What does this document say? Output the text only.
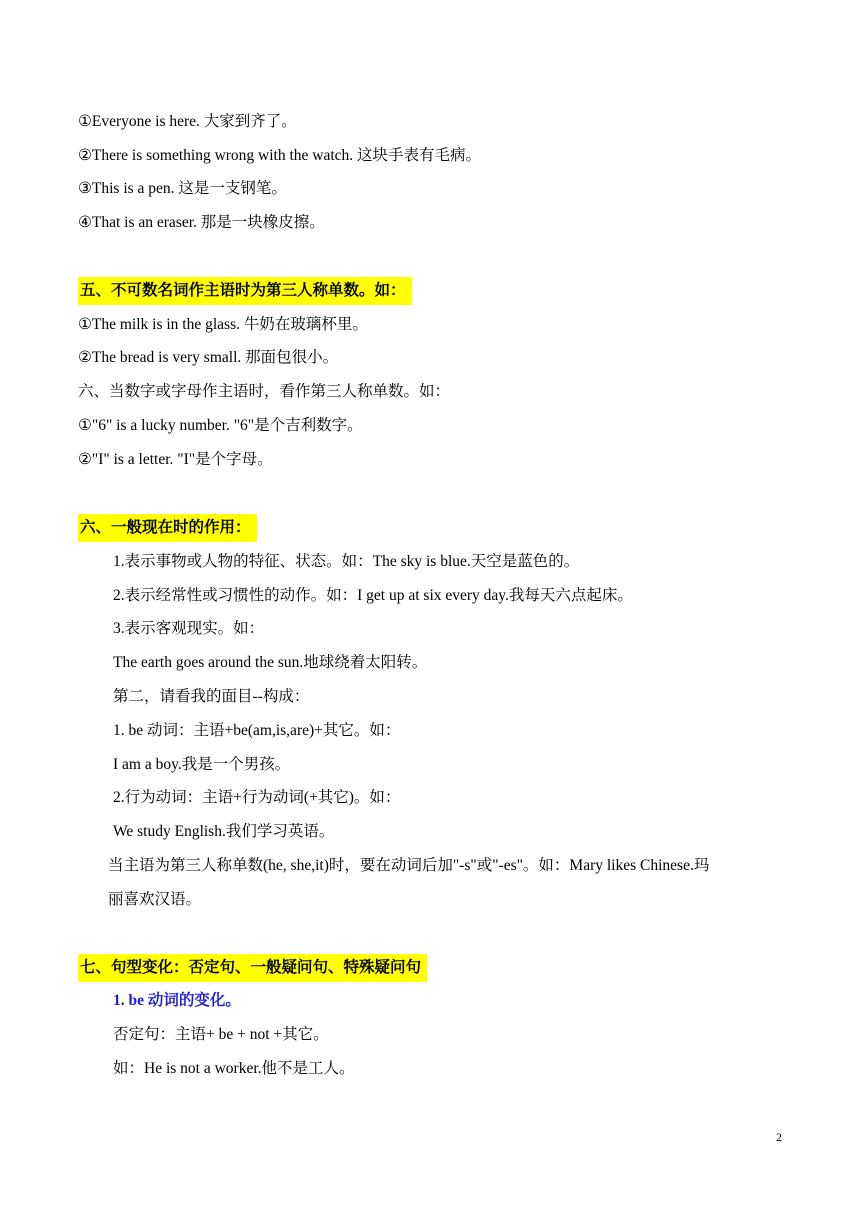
①Everyone is here. 大家到齐了。
②There is something wrong with the watch. 这块手表有毛病。
③This is a pen. 这是一支钢笔。
④That is an eraser. 那是一块橡皮擦。
五、不可数名词作主语时为第三人称单数。如：
①The milk is in the glass. 牛奶在玻璃杯里。
②The bread is very small. 那面包很小。
六、当数字或字母作主语时，看作第三人称单数。如：
①"6" is a lucky number. "6"是个吉利数字。
②"I" is a letter. "I"是个字母。
六、一般现在时的作用：
1.表示事物或人物的特征、状态。如：The sky is blue.天空是蓝色的。
2.表示经常性或习惯性的动作。如：I get up at six every day.我每天六点起床。
3.表示客观现实。如：
The earth goes around the sun.地球绕着太阳转。
第二，请看我的面目--构成：
1. be 动词：主语+be(am,is,are)+其它。如：
I am a boy.我是一个男孩。
2.行为动词：主语+行为动词(+其它)。如：
We study English.我们学习英语。
当主语为第三人称单数(he, she,it)时，要在动词后加"-s"或"-es"。如：Mary likes Chinese.玛
丽喜欢汉语。
七、句型变化：否定句、一般疑问句、特殊疑问句
1. be 动词的变化。
否定句：主语+ be + not +其它。
如：He is not a worker.他不是工人。
2
